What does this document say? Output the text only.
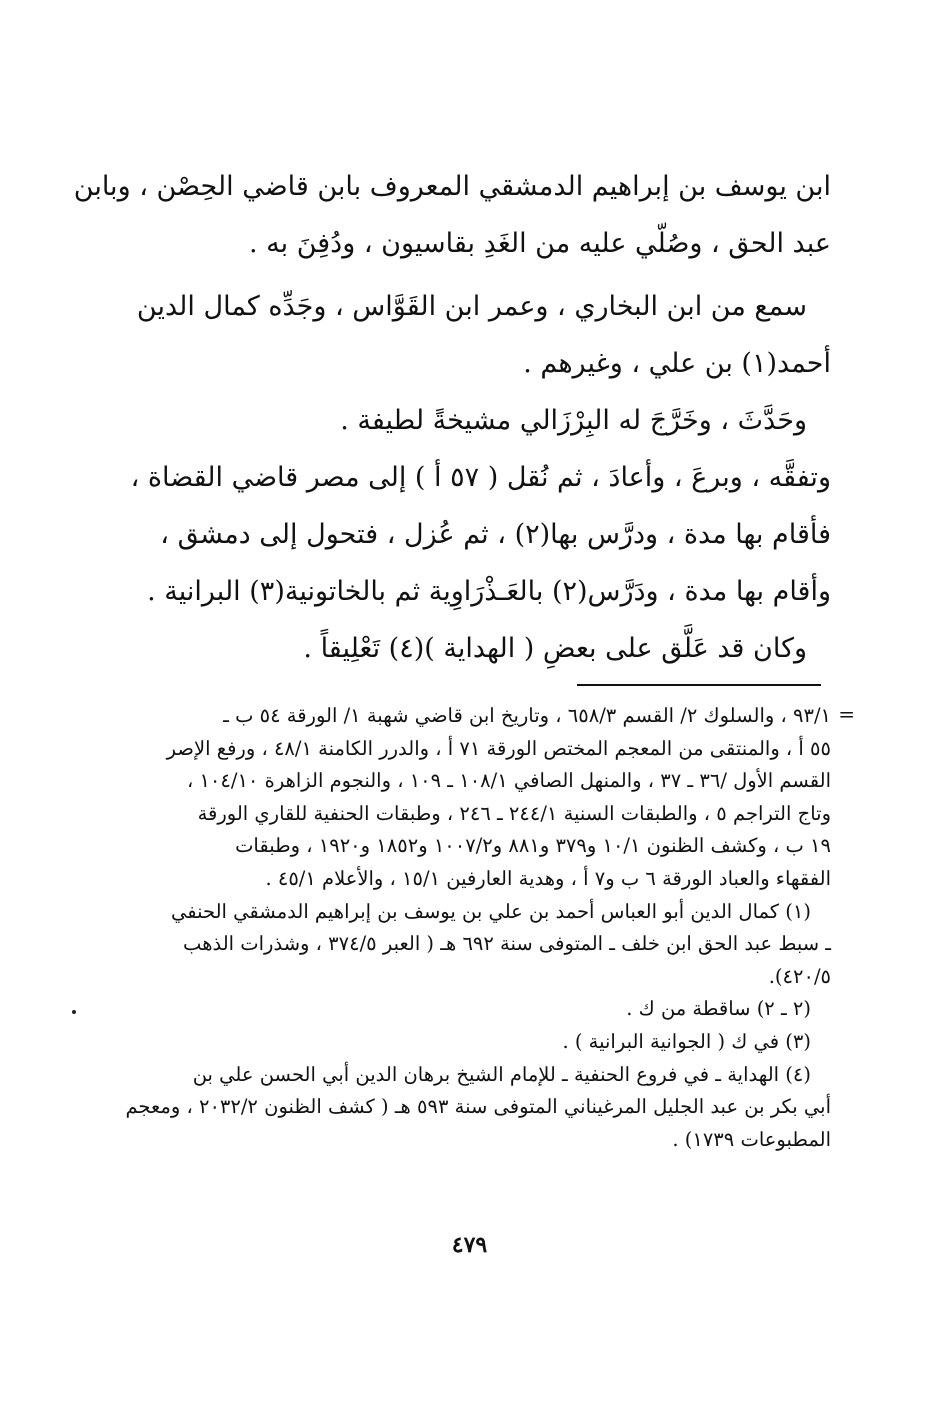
ابن يوسف بن إبراهيم الدمشقي المعروف بابن قاضي الحِصْن ، وبابن
عبد الحق ، وصُلّي عليه من الغَدِ بقاسيون ، ودُفِنَ به .
سمع من ابن البخاري ، وعمر ابن القَوَّاس ، وجَدِّه كمال الدين
أحمد(١) بن علي ، وغيرهم .
وحَدَّثَ ، وخَرَّجَ له البِرْزَالي مشيخةً لطيفة .
وتفقَّه ، وبرعَ ، وأعادَ ، ثم نُقل ( ٥٧ أ ) إلى مصر قاضي القضاة ،
فأقام بها مدة ، ودرَّس بها(٢) ، ثم عُزل ، فتحول إلى دمشق ،
وأقام بها مدة ، ودَرَّس(٢) بالعَـذْرَاوِية ثم بالخاتونية(٣) البرانية .
وكان قد عَلَّق على بعضِ ( الهداية )(٤) تَعْلِيقاً .
=
٩٣/١ ، والسلوك ٢/ القسم ٦٥٨/٣ ، وتاريخ ابن قاضي شهبة ١/ الورقة ٥٤ ب ـ
٥٥ أ ، والمنتقى من المعجم المختص الورقة ٧١ أ ، والدرر الكامنة ٤٨/١ ، ورفع الإصر
القسم الأول /٣٦ ـ ٣٧ ، والمنهل الصافي ١٠٨/١ ـ ١٠٩ ، والنجوم الزاهرة ١٠٤/١٠ ،
وتاج التراجم ٥ ، والطبقات السنية ٢٤٤/١ ـ ٢٤٦ ، وطبقات الحنفية للقاري الورقة
١٩ ب ، وكشف الظنون ١٠/١ و٣٧٩ و٨٨١ و١٠٠٧/٢ و١٨٥٢ و١٩٢٠ ، وطبقات
الفقهاء والعباد الورقة ٦ ب و٧ أ ، وهدية العارفين ١٥/١ ، والأعلام ٤٥/١ .
(١) كمال الدين أبو العباس أحمد بن علي بن يوسف بن إبراهيم الدمشقي الحنفي
ـ سبط عبد الحق ابن خلف ـ المتوفى سنة ٦٩٢ هـ ( العبر ٣٧٤/٥ ، وشذرات الذهب
٤٢٠/٥).
(٢ ـ ٢) ساقطة من ك .
(٣) في ك ( الجوانية البرانية ) .
(٤) الهداية ـ في فروع الحنفية ـ للإمام الشيخ برهان الدين أبي الحسن علي بن
أبي بكر بن عبد الجليل المرغيناني المتوفى سنة ٥٩٣ هـ ( كشف الظنون ٢٠٣٢/٢ ، ومعجم
المطبوعات ١٧٣٩) .
٤٧٩
